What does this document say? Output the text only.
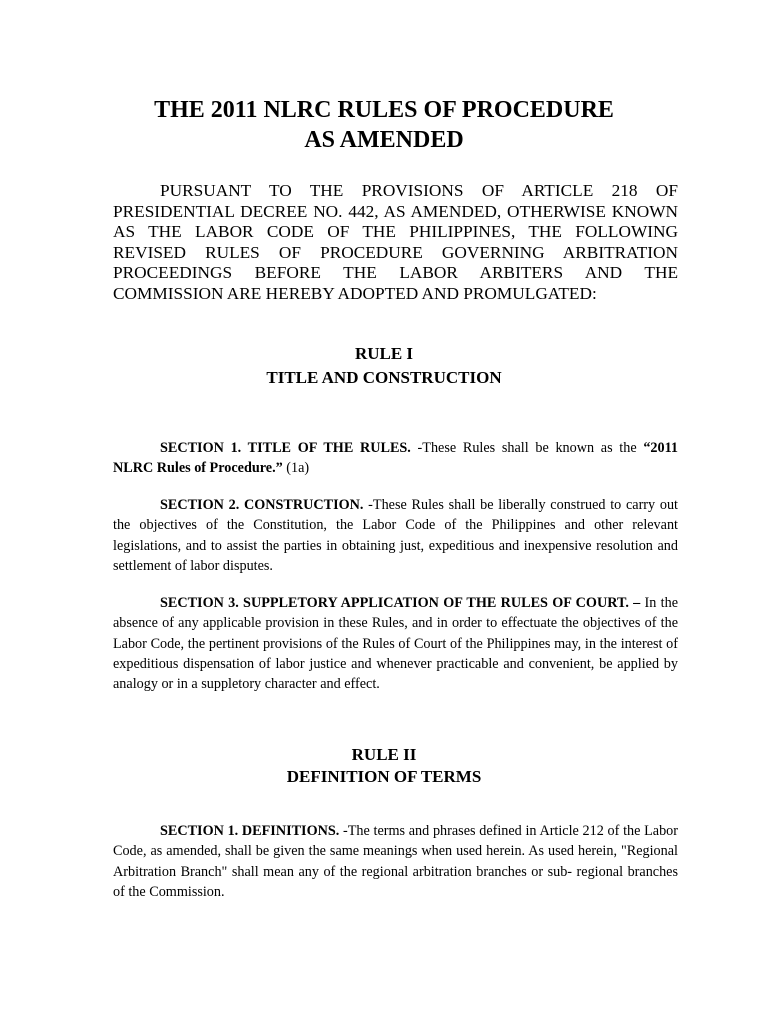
THE 2011 NLRC RULES OF PROCEDURE
AS AMENDED

PURSUANT TO THE PROVISIONS OF ARTICLE 218 OF PRESIDENTIAL DECREE NO. 442, AS AMENDED, OTHERWISE KNOWN AS THE LABOR CODE OF THE PHILIPPINES, THE FOLLOWING REVISED RULES OF PROCEDURE GOVERNING ARBITRATION PROCEEDINGS BEFORE THE LABOR ARBITERS AND THE COMMISSION ARE HEREBY ADOPTED AND PROMULGATED:

RULE I
TITLE AND CONSTRUCTION

SECTION 1. TITLE OF THE RULES. -These Rules shall be known as the “2011 NLRC Rules of Procedure.” (1a)

SECTION 2. CONSTRUCTION. -These Rules shall be liberally construed to carry out the objectives of the Constitution, the Labor Code of the Philippines and other relevant legislations, and to assist the parties in obtaining just, expeditious and inexpensive resolution and settlement of labor disputes.

SECTION 3. SUPPLETORY APPLICATION OF THE RULES OF COURT. – In the absence of any applicable provision in these Rules, and in order to effectuate the objectives of the Labor Code, the pertinent provisions of the Rules of Court of the Philippines may, in the interest of expeditious dispensation of labor justice and whenever practicable and convenient, be applied by analogy or in a suppletory character and effect.

RULE II
DEFINITION OF TERMS

SECTION 1. DEFINITIONS. -The terms and phrases defined in Article 212 of the Labor Code, as amended, shall be given the same meanings when used herein. As used herein, "Regional Arbitration Branch" shall mean any of the regional arbitration branches or sub- regional branches of the Commission.
